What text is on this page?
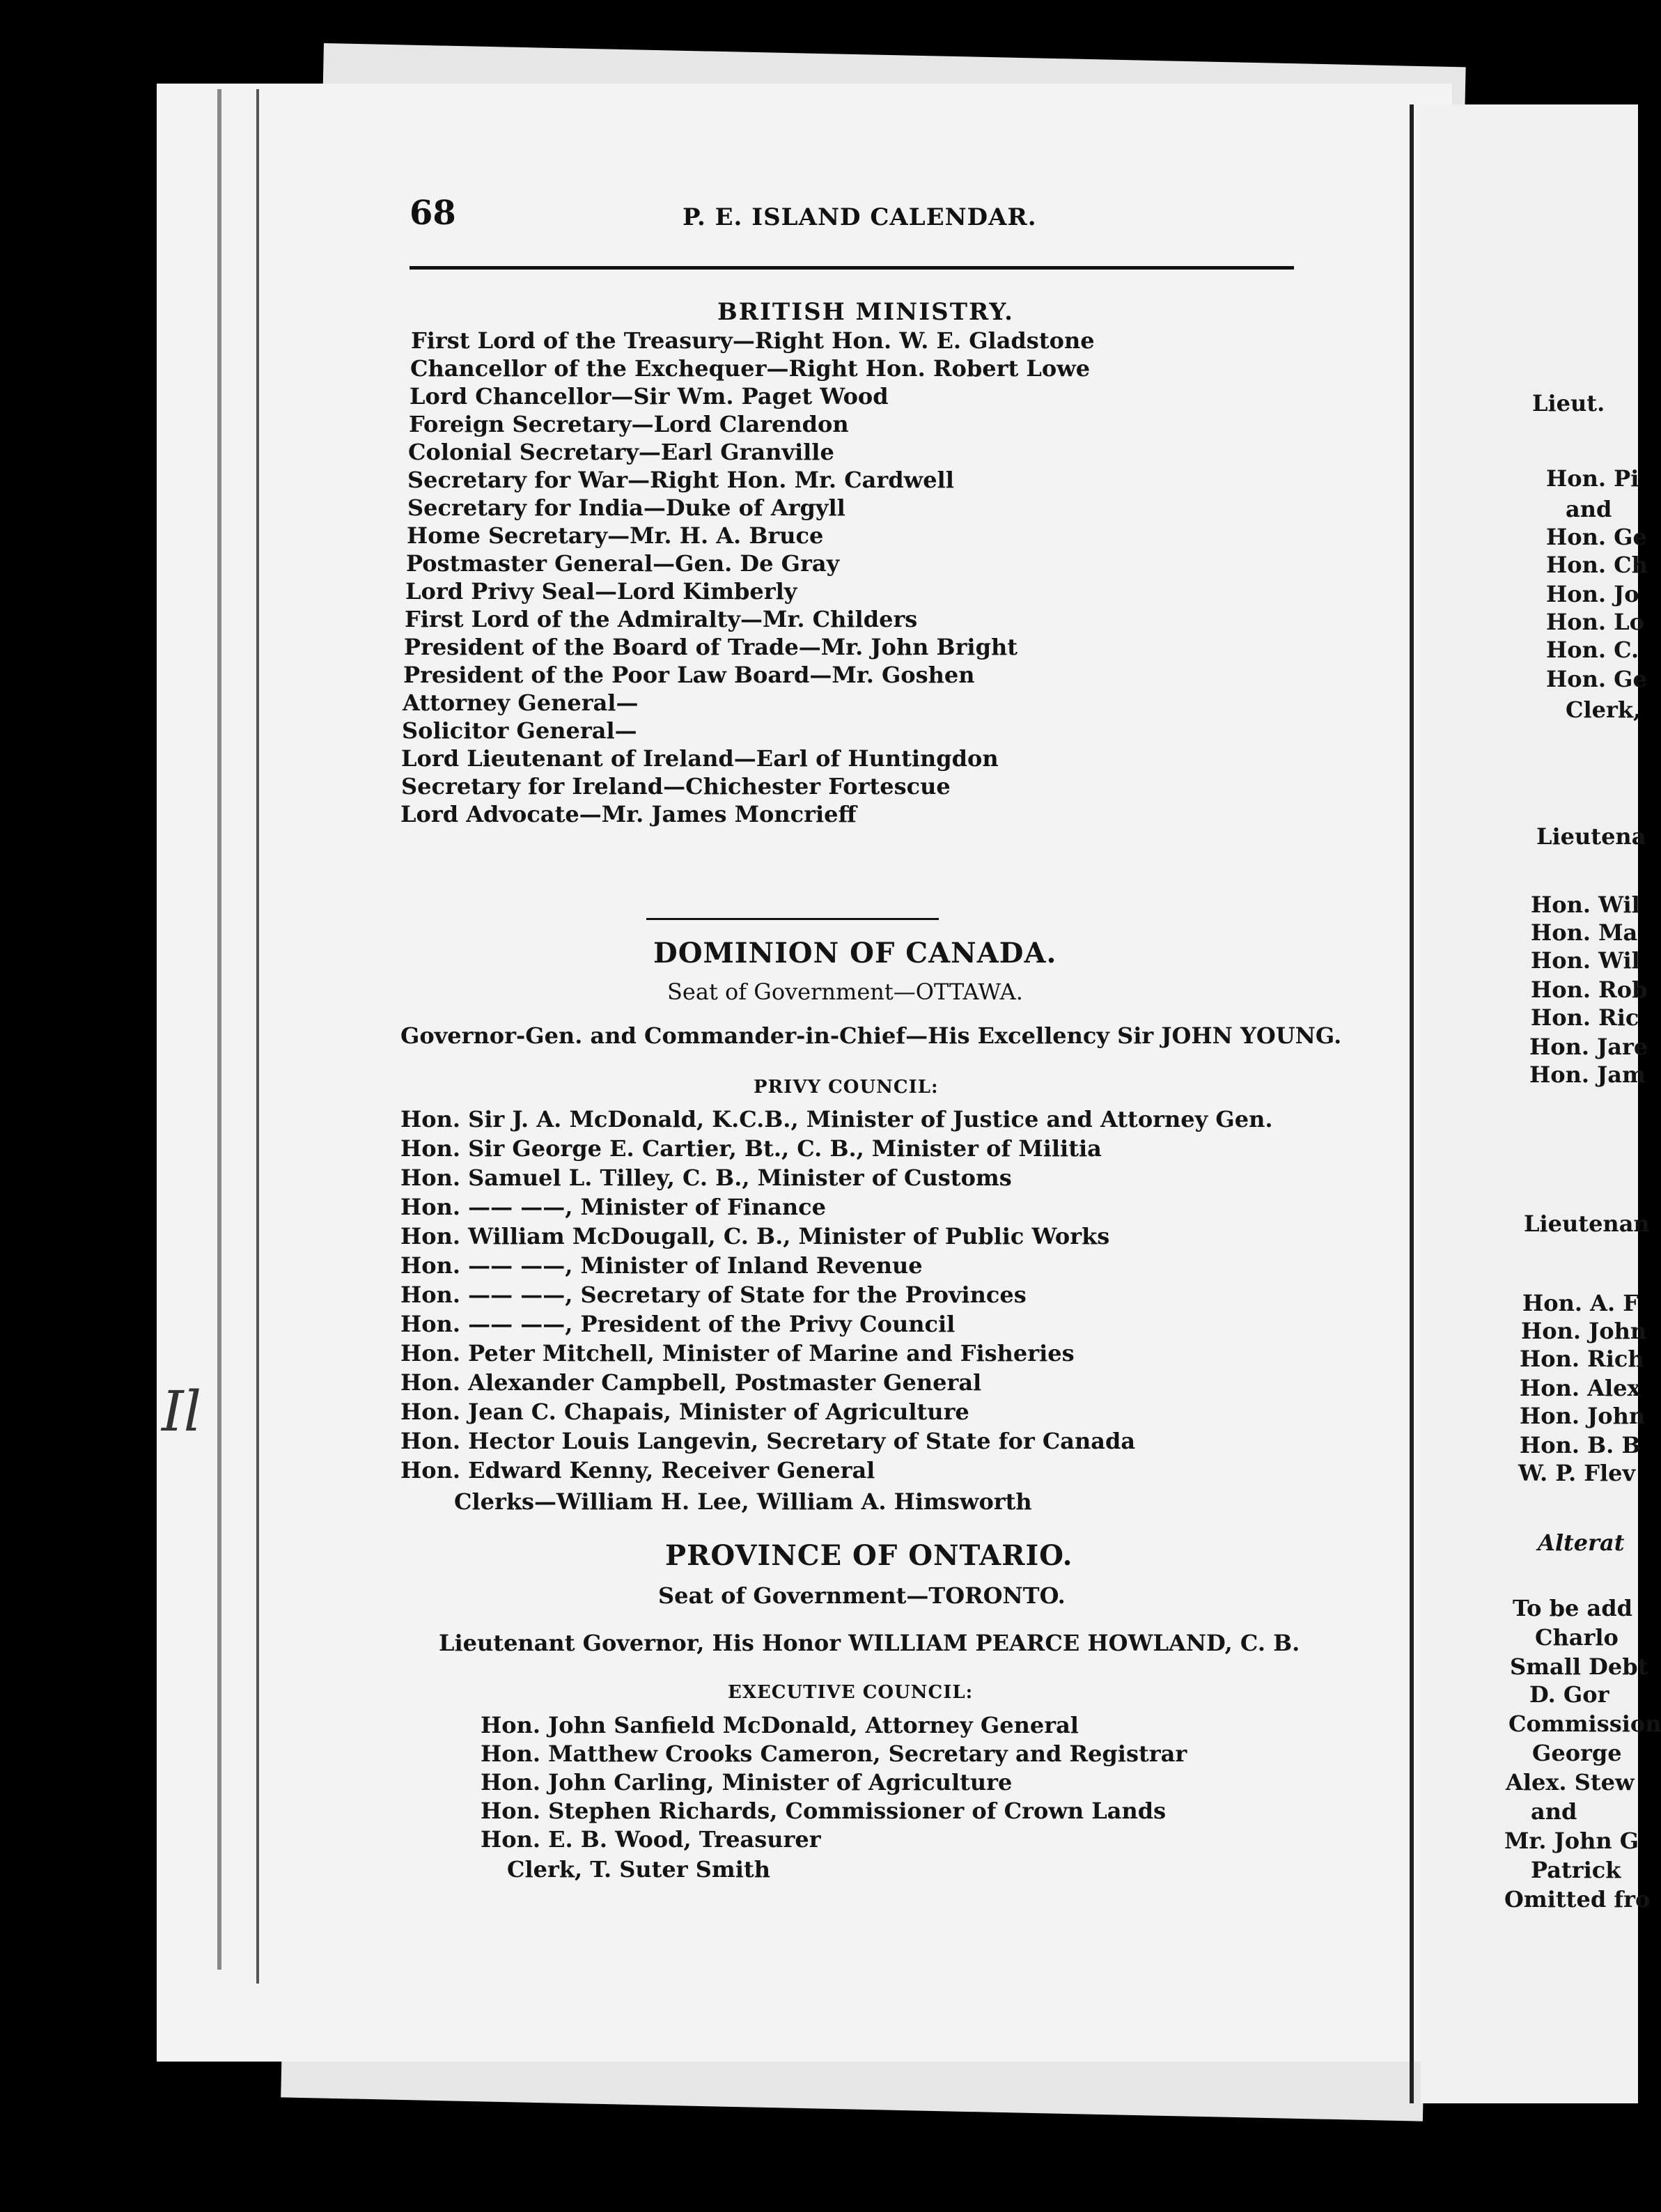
68	P. E. ISLAND CALENDAR.
BRITISH MINISTRY.
First Lord of the Treasury—Right Hon. W. E. Gladstone
Chancellor of the Exchequer—Right Hon. Robert Lowe
Lord Chancellor—Sir Wm. Paget Wood
Foreign Secretary—Lord Clarendon
Colonial Secretary—Earl Granville
Secretary for War—Right Hon. Mr. Cardwell
Secretary for India—Duke of Argyll
Home Secretary—Mr. H. A. Bruce
Postmaster General—Gen. De Gray
Lord Privy Seal—Lord Kimberly
First Lord of the Admiralty—Mr. Childers
President of the Board of Trade—Mr. John Bright
President of the Poor Law Board—Mr. Goshen
Attorney General—
Solicitor General—
Lord Lieutenant of Ireland—Earl of Huntingdon
Secretary for Ireland—Chichester Fortescue
Lord Advocate—Mr. James Moncrieff
DOMINION OF CANADA.
Seat of Government—OTTAWA.
Governor-Gen. and Commander-in-Chief—His Excellency Sir JOHN YOUNG.
PRIVY COUNCIL:
Hon. Sir J. A. McDonald, K.C.B., Minister of Justice and Attorney Gen.
Hon. Sir George E. Cartier, Bt., C. B., Minister of Militia
Hon. Samuel L. Tilley, C. B., Minister of Customs
Hon. —— ——, Minister of Finance
Hon. William McDougall, C. B., Minister of Public Works
Hon. —— ——, Minister of Inland Revenue
Hon. —— ——, Secretary of State for the Provinces
Hon. —— ——, President of the Privy Council
Hon. Peter Mitchell, Minister of Marine and Fisheries
Hon. Alexander Campbell, Postmaster General
Hon. Jean C. Chapais, Minister of Agriculture
Hon. Hector Louis Langevin, Secretary of State for Canada
Hon. Edward Kenny, Receiver General
Clerks—William H. Lee, William A. Himsworth
PROVINCE OF ONTARIO.
Seat of Government—TORONTO.
Lieutenant Governor, His Honor WILLIAM PEARCE HOWLAND, C. B.
EXECUTIVE COUNCIL:
Hon. John Sanfield McDonald, Attorney General
Hon. Matthew Crooks Cameron, Secretary and Registrar
Hon. John Carling, Minister of Agriculture
Hon. Stephen Richards, Commissioner of Crown Lands
Hon. E. B. Wood, Treasurer
Clerk, T. Suter Smith
Il
Lieut.
Hon. Pi
and
Hon. Ge
Hon. Ch
Hon. Jo
Hon. Lo
Hon. C.
Hon. Ge
Clerk,
Lieutena
Hon. Wil
Hon. Ma
Hon. Wil
Hon. Rob
Hon. Ric
Hon. Jare
Hon. Jam
Lieutenan
Hon. A. F
Hon. John
Hon. Rich
Hon. Alex
Hon. John
Hon. B. B
W. P. Flev
Alterat
To be add
Charlo
Small Debt
D. Gor
Commission
George
Alex. Stew
and
Mr. John G
Patrick
Omitted fro
